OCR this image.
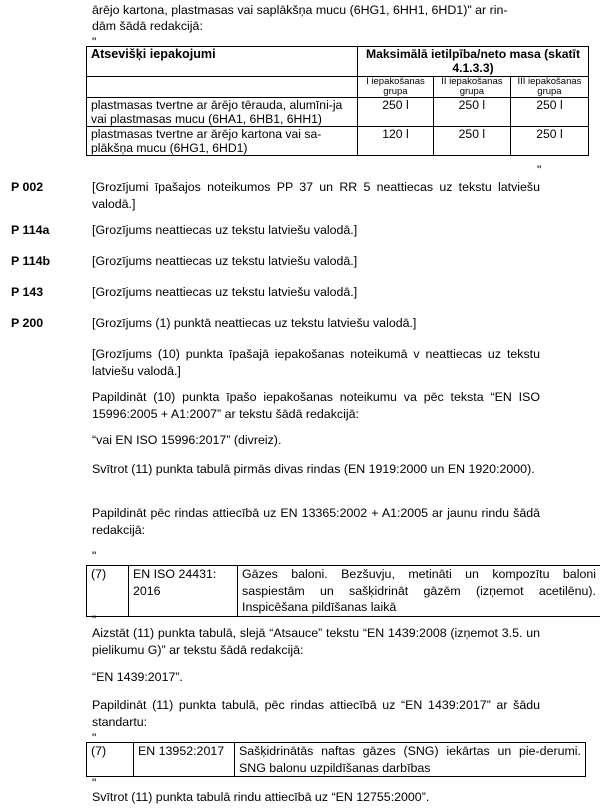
ārējo kartona, plastmasas vai saplākšņa mucu (6HG1, 6HH1, 6HD1)" ar rin-
dām šādā redakcijā:
"
Atsevišķi iepakojumi	Maksimālā ietilpība/neto masa (skatīt 4.1.3.3)		
	I iepakošanas grupa	II iepakošanas grupa	III iepakošanas grupa
plastmasas tvertne ar ārējo tērauda, alumīni-ja vai plastmasas mucu (6HA1, 6HB1, 6HH1)	250 l	250 l	250 l
plastmasas tvertne ar ārējo kartona vai sa-plākšņa mucu (6HG1, 6HD1)	120 l	250 l	250 l
"
P 002	[Grozījumi īpašajos noteikumos PP 37 un RR 5 neattiecas uz tekstu latviešu valodā.]
P 114a	[Grozījums neattiecas uz tekstu latviešu valodā.]
P 114b	[Grozījums neattiecas uz tekstu latviešu valodā.]
P 143	[Grozījums neattiecas uz tekstu latviešu valodā.]
P 200	[Grozījums (1) punktā neattiecas uz tekstu latviešu valodā.]
[Grozījums (10) punkta īpašajā iepakošanas noteikumā v neattiecas uz tekstu latviešu valodā.]
Papildināt (10) punkta īpašo iepakošanas noteikumu va pēc teksta “EN ISO 15996:2005 + A1:2007” ar tekstu šādā redakcijā:
“vai EN ISO 15996:2017” (divreiz).
Svītrot (11) punkta tabulā pirmās divas rindas (EN 1919:2000 un EN 1920:2000).
Papildināt pēc rindas attiecībā uz EN 13365:2002 + A1:2005 ar jaunu rindu šādā redakcijā:
"
(7)	EN ISO 24431: 2016	Gāzes baloni. Bezšuvju, metināti un kompozītu baloni saspiestām un sašķidrināt gāzēm (izņemot acetilēnu). Inspicēšana pildīšanas laikā
"
Aizstāt (11) punkta tabulā, slejā “Atsauce” tekstu “EN 1439:2008 (izņemot 3.5. un pielikumu G)” ar tekstu šādā redakcijā:
“EN 1439:2017”.
Papildināt (11) punkta tabulā, pēc rindas attiecībā uz “EN 1439:2017” ar šādu standartu:
"
(7)	EN 13952:2017	Sašķidrinātās naftas gāzes (SNG) iekārtas un pie-derumi. SNG balonu uzpildīšanas darbības
"
Svītrot (11) punkta tabulā rindu attiecībā uz “EN 12755:2000”.
